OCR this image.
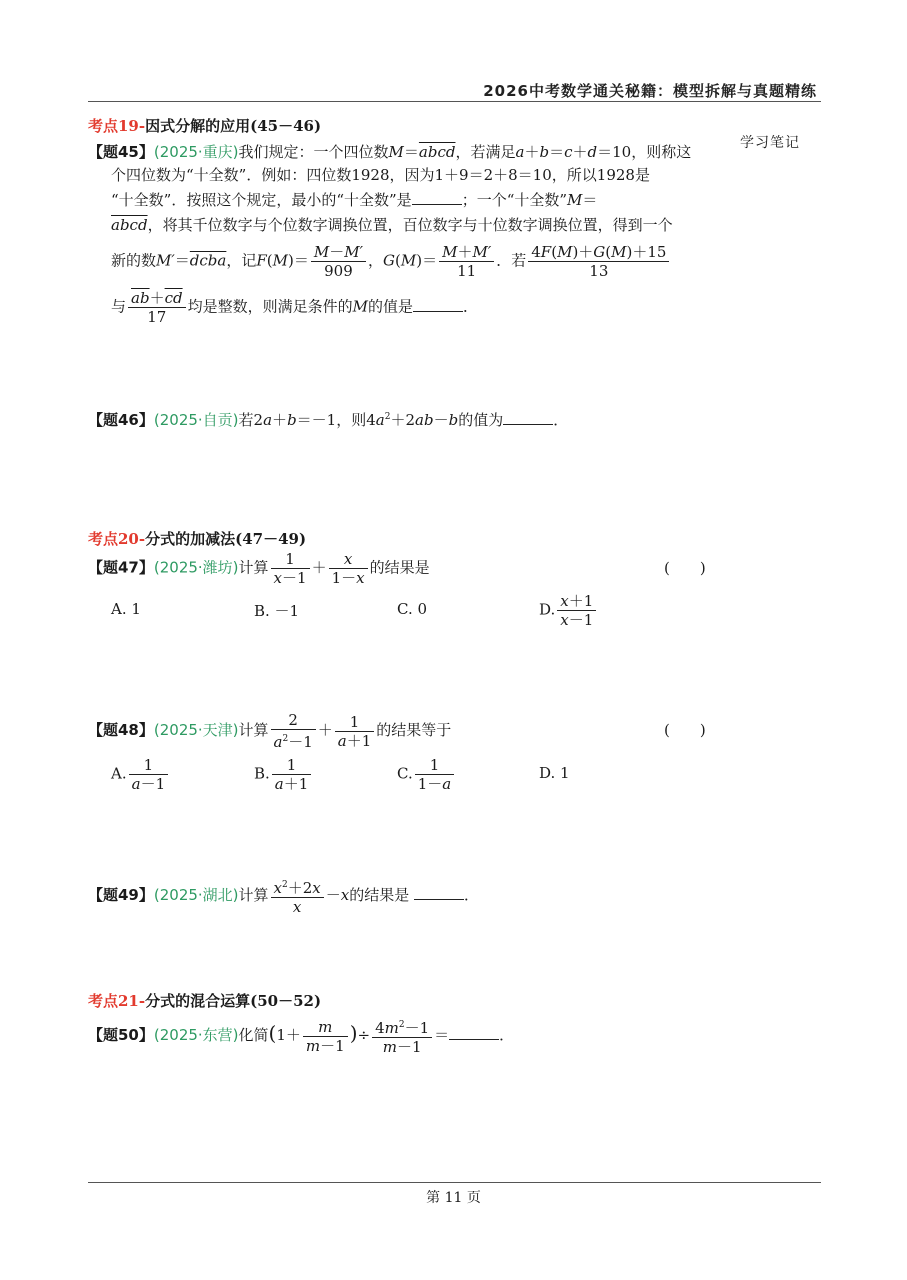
2026中考数学通关秘籍：模型拆解与真题精练
学习笔记
考点19-因式分解的应用(45－46)
【题45】(2025·重庆)我们规定：一个四位数M＝abcd，若满足a＋b＝c＋d＝10，则称这
个四位数为“十全数”．例如：四位数1928，因为1＋9＝2＋8＝10，所以1928是
“十全数”．按照这个规定，最小的“十全数”是	；一个“十全数”M＝
abcd，将其千位数字与个位数字调换位置，百位数字与十位数字调换位置，得到一个
新的数M′＝dcba，记$F(M)= \frac{M-M'}{909}$ ，$G(M)= \frac{M+M'}{11}$ ．若 $\frac{4F(M)+G(M)+15}{13}$
与 $\frac{\overline{ab}+\overline{cd}}{17}$ 均是整数，则满足条件的M的值是	．
【题46】(2025·自贡)若2a＋b＝－1，则$4a^2+2ab-b$的值为	．
考点20-分式的加减法(47－49)
【题47】(2025·潍坊)计算 $\frac{1}{x-1} + \frac{x}{1-x}$ 的结果是	(　　)
A. 1	B. －1	C. 0	D. $\frac{x+1}{x-1}$
【题48】(2025·天津)计算 $\frac{2}{a^2-1} + \frac{1}{a+1}$ 的结果等于	(　　)
A. $\frac{1}{a-1}$	B. $\frac{1}{a+1}$	C. $\frac{1}{1-a}$	D. 1
【题49】(2025·湖北)计算 $\frac{x^2+2x}{x} -x$的结果是	．
考点21-分式的混合运算(50－52)
【题50】(2025·东营)化简($1+ \frac{m}{m-1}$ )÷ $\frac{4m^2-1}{m-1}$ ＝	．
第 11 页
